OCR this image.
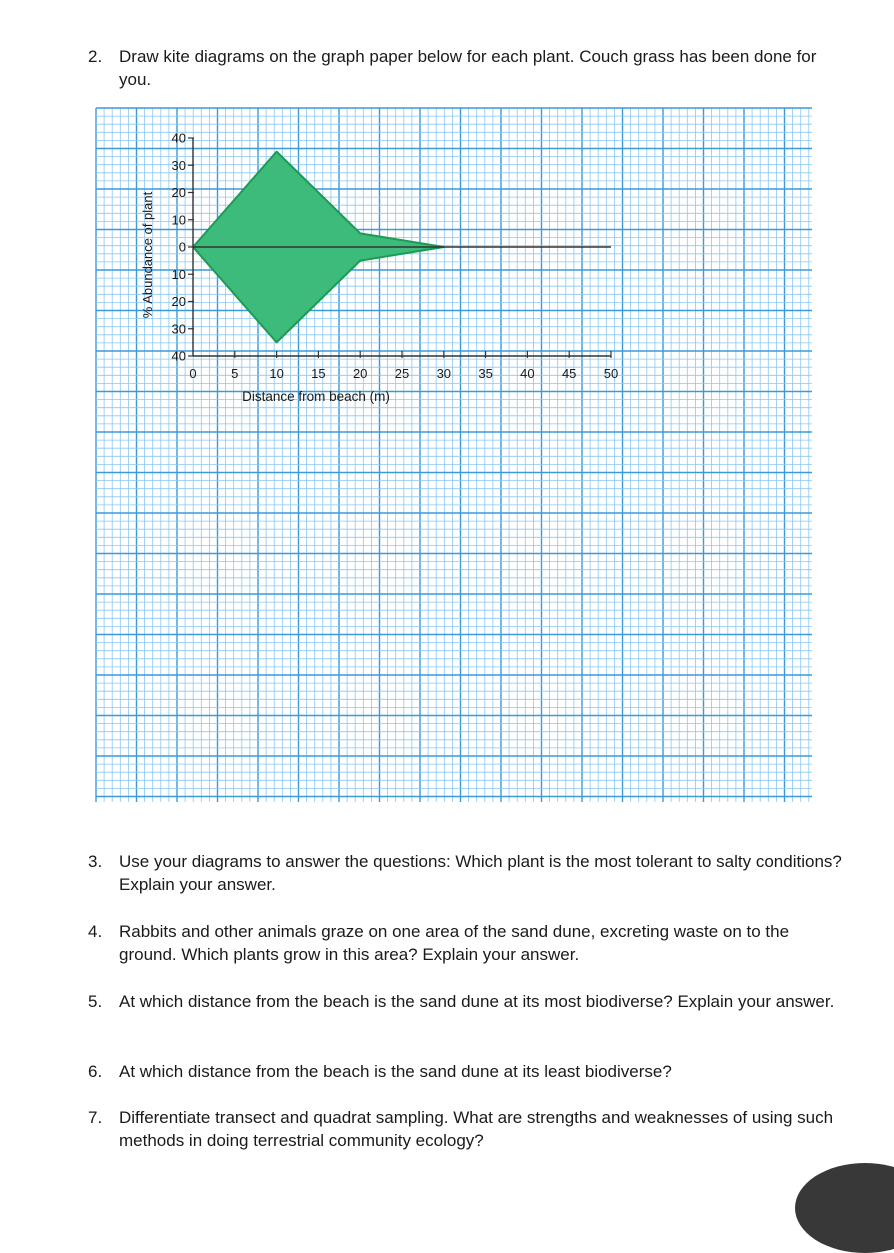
0	5 10 15 20 25 30 35 40 45 50
40
30
20
10
0
10
20
30
40
Distance from beach (m)
% Abundance of plant
2. Draw kite diagrams on the graph paper below for each plant. Couch grass has been done for you.
3. Use your diagrams to answer the questions: Which plant is the most tolerant to salty conditions? Explain your answer.
4. Rabbits and other animals graze on one area of the sand dune, excreting waste on to the ground. Which plants grow in this area? Explain your answer.
5. At which distance from the beach is the sand dune at its most biodiverse? Explain your answer.
6. At which distance from the beach is the sand dune at its least biodiverse?
7. Differentiate transect and quadrat sampling. What are strengths and weaknesses of using such methods in doing terrestrial community ecology?
